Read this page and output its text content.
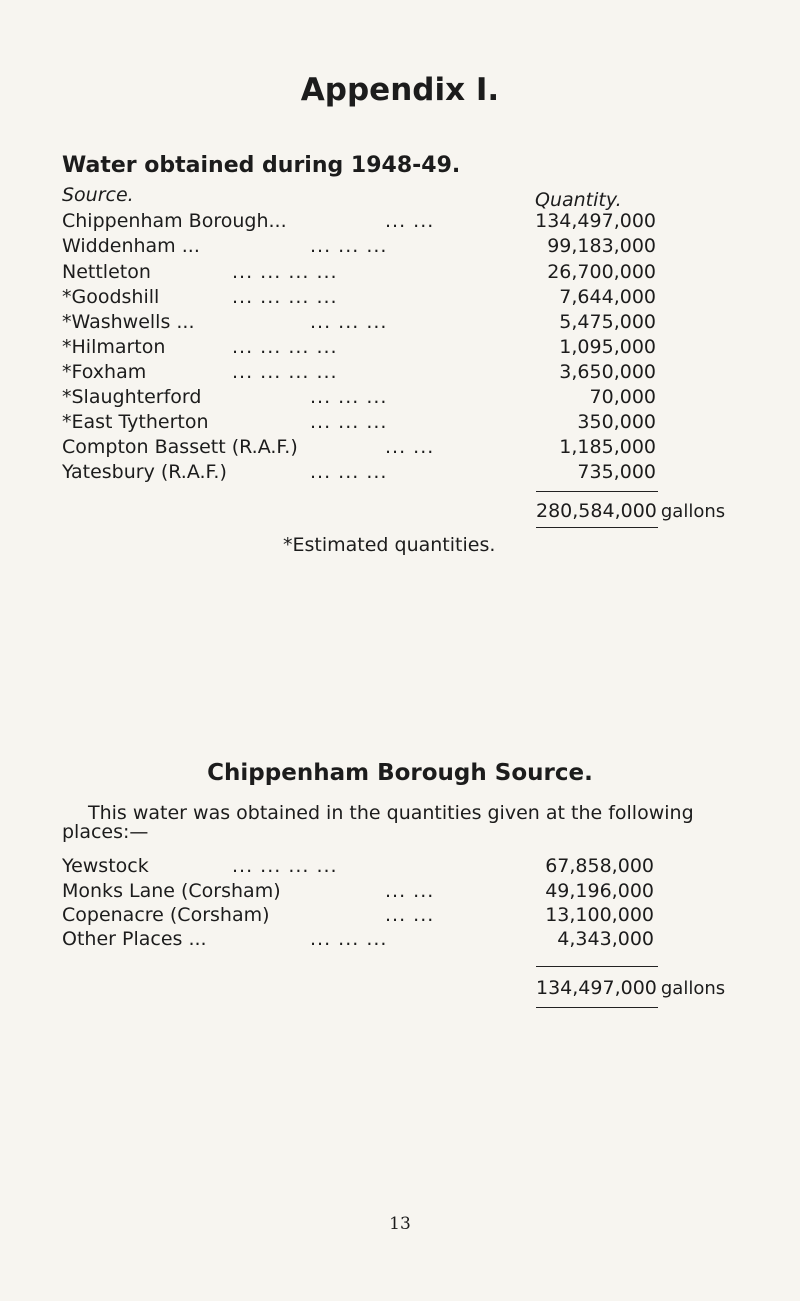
Appendix I.
Water obtained during 1948-49.
Source.	Quantity.
Chippenham Borough...	... ...	134,497,000
Widdenham ...	... ... ...	99,183,000
Nettleton	... ... ... ...	26,700,000
*Goodshill	... ... ... ...	7,644,000
*Washwells ...	... ... ...	5,475,000
*Hilmarton	... ... ... ...	1,095,000
*Foxham	... ... ... ...	3,650,000
*Slaughterford	... ... ...	70,000
*East Tytherton	... ... ...	350,000
Compton Bassett (R.A.F.)	... ...	1,185,000
Yatesbury (R.A.F.)	... ... ...	735,000
280,584,000 gallons
*Estimated quantities.
Chippenham Borough Source.
This water was obtained in the quantities given at the following
places:—
Yewstock	... ... ... ...	67,858,000
Monks Lane (Corsham)	... ...	49,196,000
Copenacre (Corsham)	... ...	13,100,000
Other Places ...	... ... ...	4,343,000
134,497,000 gallons
13
